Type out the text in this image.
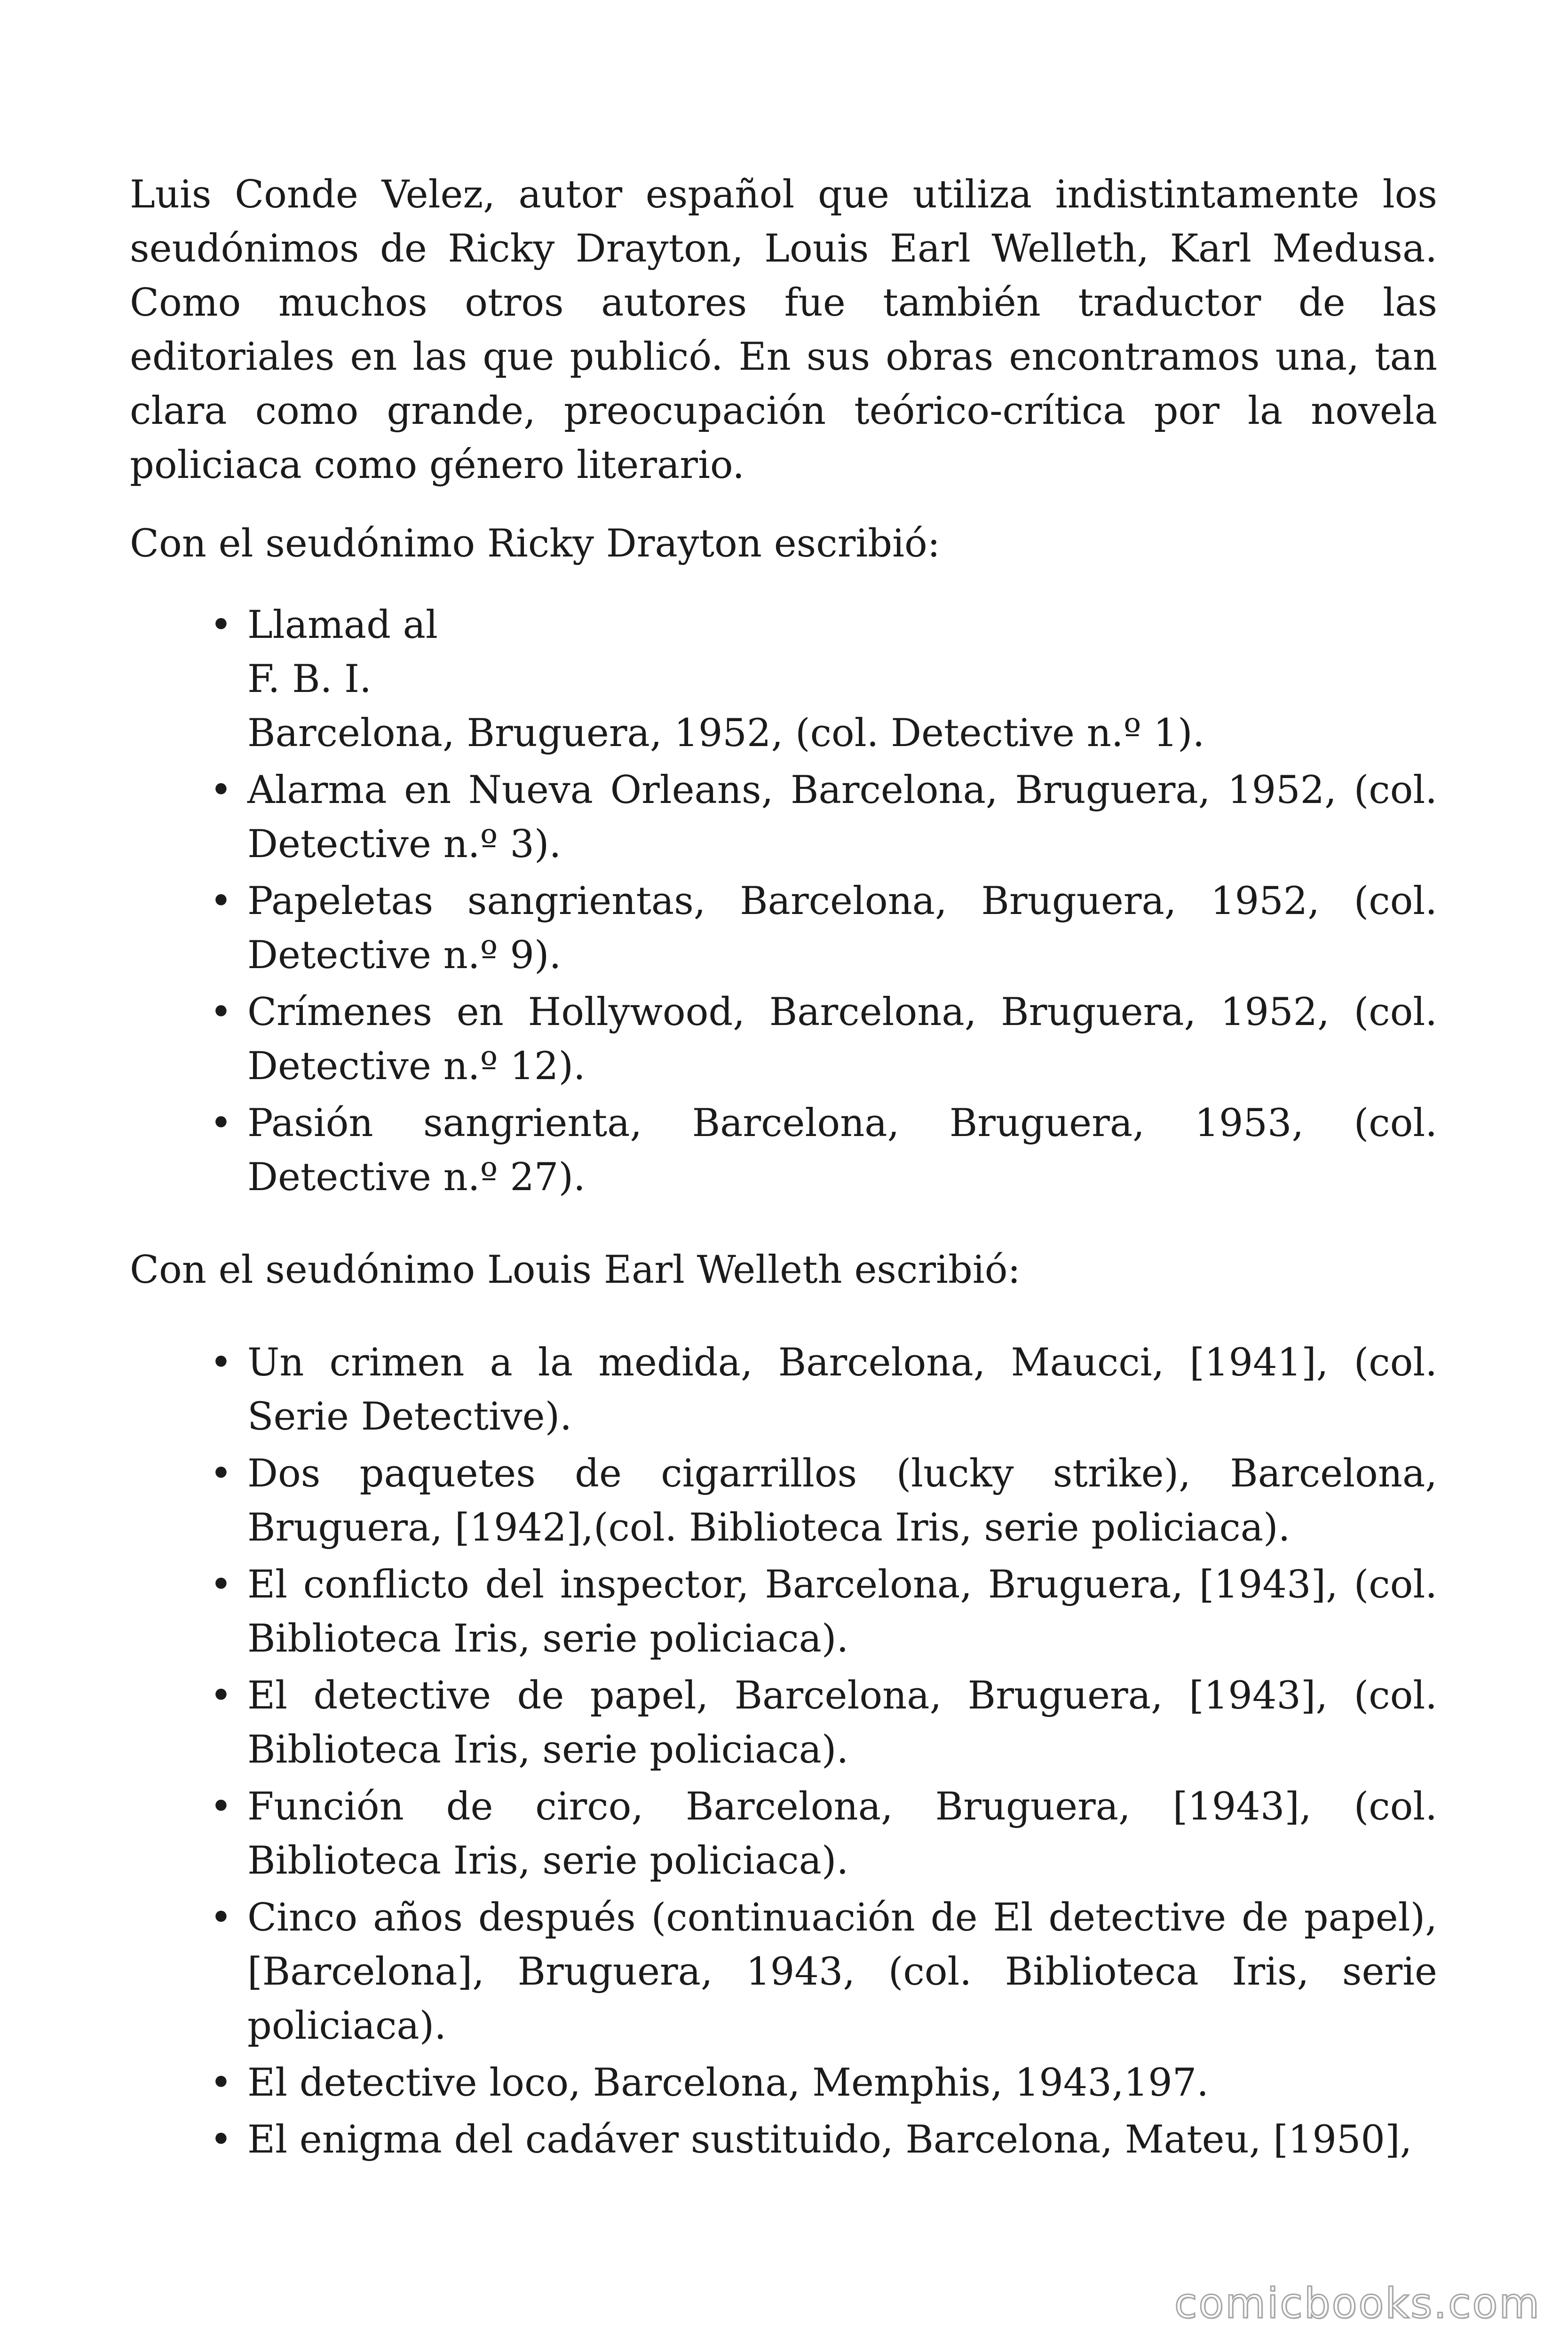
Luis Conde Velez, autor español que utiliza indistintamente los seudónimos de Ricky Drayton, Louis Earl Welleth, Karl Medusa. Como muchos otros autores fue también traductor de las editoriales en las que publicó. En sus obras encontramos una, tan clara como grande, preocupación teórico-crítica por la novela policiaca como género literario.

Con el seudónimo Ricky Drayton escribió:

• Llamad al
F. B. I.
Barcelona, Bruguera, 1952, (col. Detective n.º 1).
• Alarma en Nueva Orleans, Barcelona, Bruguera, 1952, (col. Detective n.º 3).
• Papeletas sangrientas, Barcelona, Bruguera, 1952, (col. Detective n.º 9).
• Crímenes en Hollywood, Barcelona, Bruguera, 1952, (col. Detective n.º 12).
• Pasión sangrienta, Barcelona, Bruguera, 1953, (col. Detective n.º 27).

Con el seudónimo Louis Earl Welleth escribió:

• Un crimen a la medida, Barcelona, Maucci, [1941], (col. Serie Detective).
• Dos paquetes de cigarrillos (lucky strike), Barcelona, Bruguera, [1942],(col. Biblioteca Iris, serie policiaca).
• El conflicto del inspector, Barcelona, Bruguera, [1943], (col. Biblioteca Iris, serie policiaca).
• El detective de papel, Barcelona, Bruguera, [1943], (col. Biblioteca Iris, serie policiaca).
• Función de circo, Barcelona, Bruguera, [1943], (col. Biblioteca Iris, serie policiaca).
• Cinco años después (continuación de El detective de papel), [Barcelona], Bruguera, 1943, (col. Biblioteca Iris, serie policiaca).
• El detective loco, Barcelona, Memphis, 1943,197.
• El enigma del cadáver sustituido, Barcelona, Mateu, [1950],
comicbooks.com
